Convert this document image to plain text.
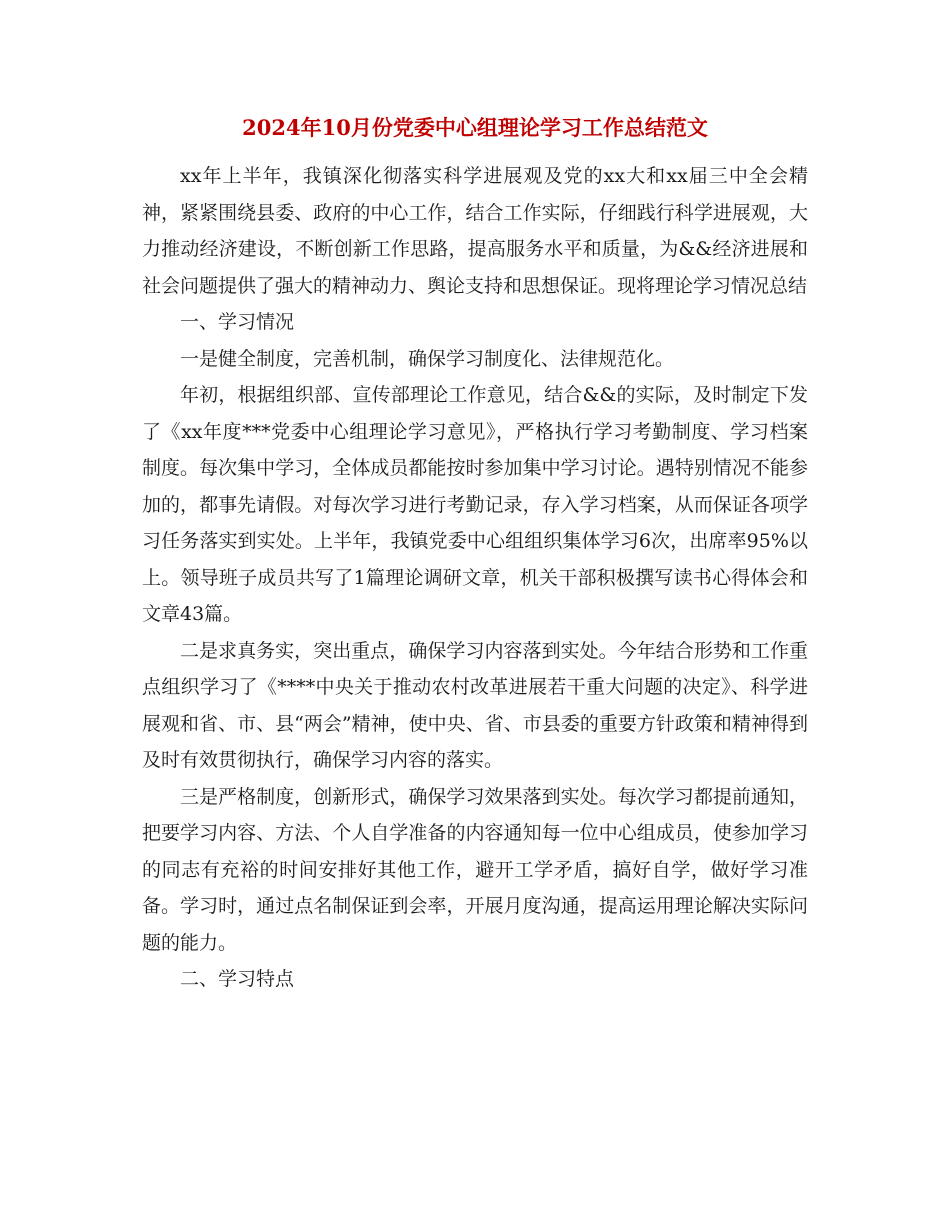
2024年10月份党委中心组理论学习工作总结范文

xx年上半年，我镇深化彻落实科学进展观及党的xx大和xx届三中全会精神，紧紧围绕县委、政府的中心工作，结合工作实际，仔细践行科学进展观，大力推动经济建设，不断创新工作思路，提高服务水平和质量，为&&经济进展和社会问题提供了强大的精神动力、舆论支持和思想保证。现将理论学习情况总结

一、学习情况

一是健全制度，完善机制，确保学习制度化、法律规范化。

年初，根据组织部、宣传部理论工作意见，结合&&的实际，及时制定下发了《xx年度***党委中心组理论学习意见》，严格执行学习考勤制度、学习档案制度。每次集中学习，全体成员都能按时参加集中学习讨论。遇特别情况不能参加的，都事先请假。对每次学习进行考勤记录，存入学习档案，从而保证各项学习任务落实到实处。上半年，我镇党委中心组组织集体学习6次，出席率95%以上。领导班子成员共写了1篇理论调研文章，机关干部积极撰写读书心得体会和文章43篇。

二是求真务实，突出重点，确保学习内容落到实处。今年结合形势和工作重点组织学习了《****中央关于推动农村改革进展若干重大问题的决定》、科学进展观和省、市、县“两会”精神，使中央、省、市县委的重要方针政策和精神得到及时有效贯彻执行，确保学习内容的落实。

三是严格制度，创新形式，确保学习效果落到实处。每次学习都提前通知，把要学习内容、方法、个人自学准备的内容通知每一位中心组成员，使参加学习的同志有充裕的时间安排好其他工作，避开工学矛盾，搞好自学，做好学习准备。学习时，通过点名制保证到会率，开展月度沟通，提高运用理论解决实际问题的能力。

二、学习特点
